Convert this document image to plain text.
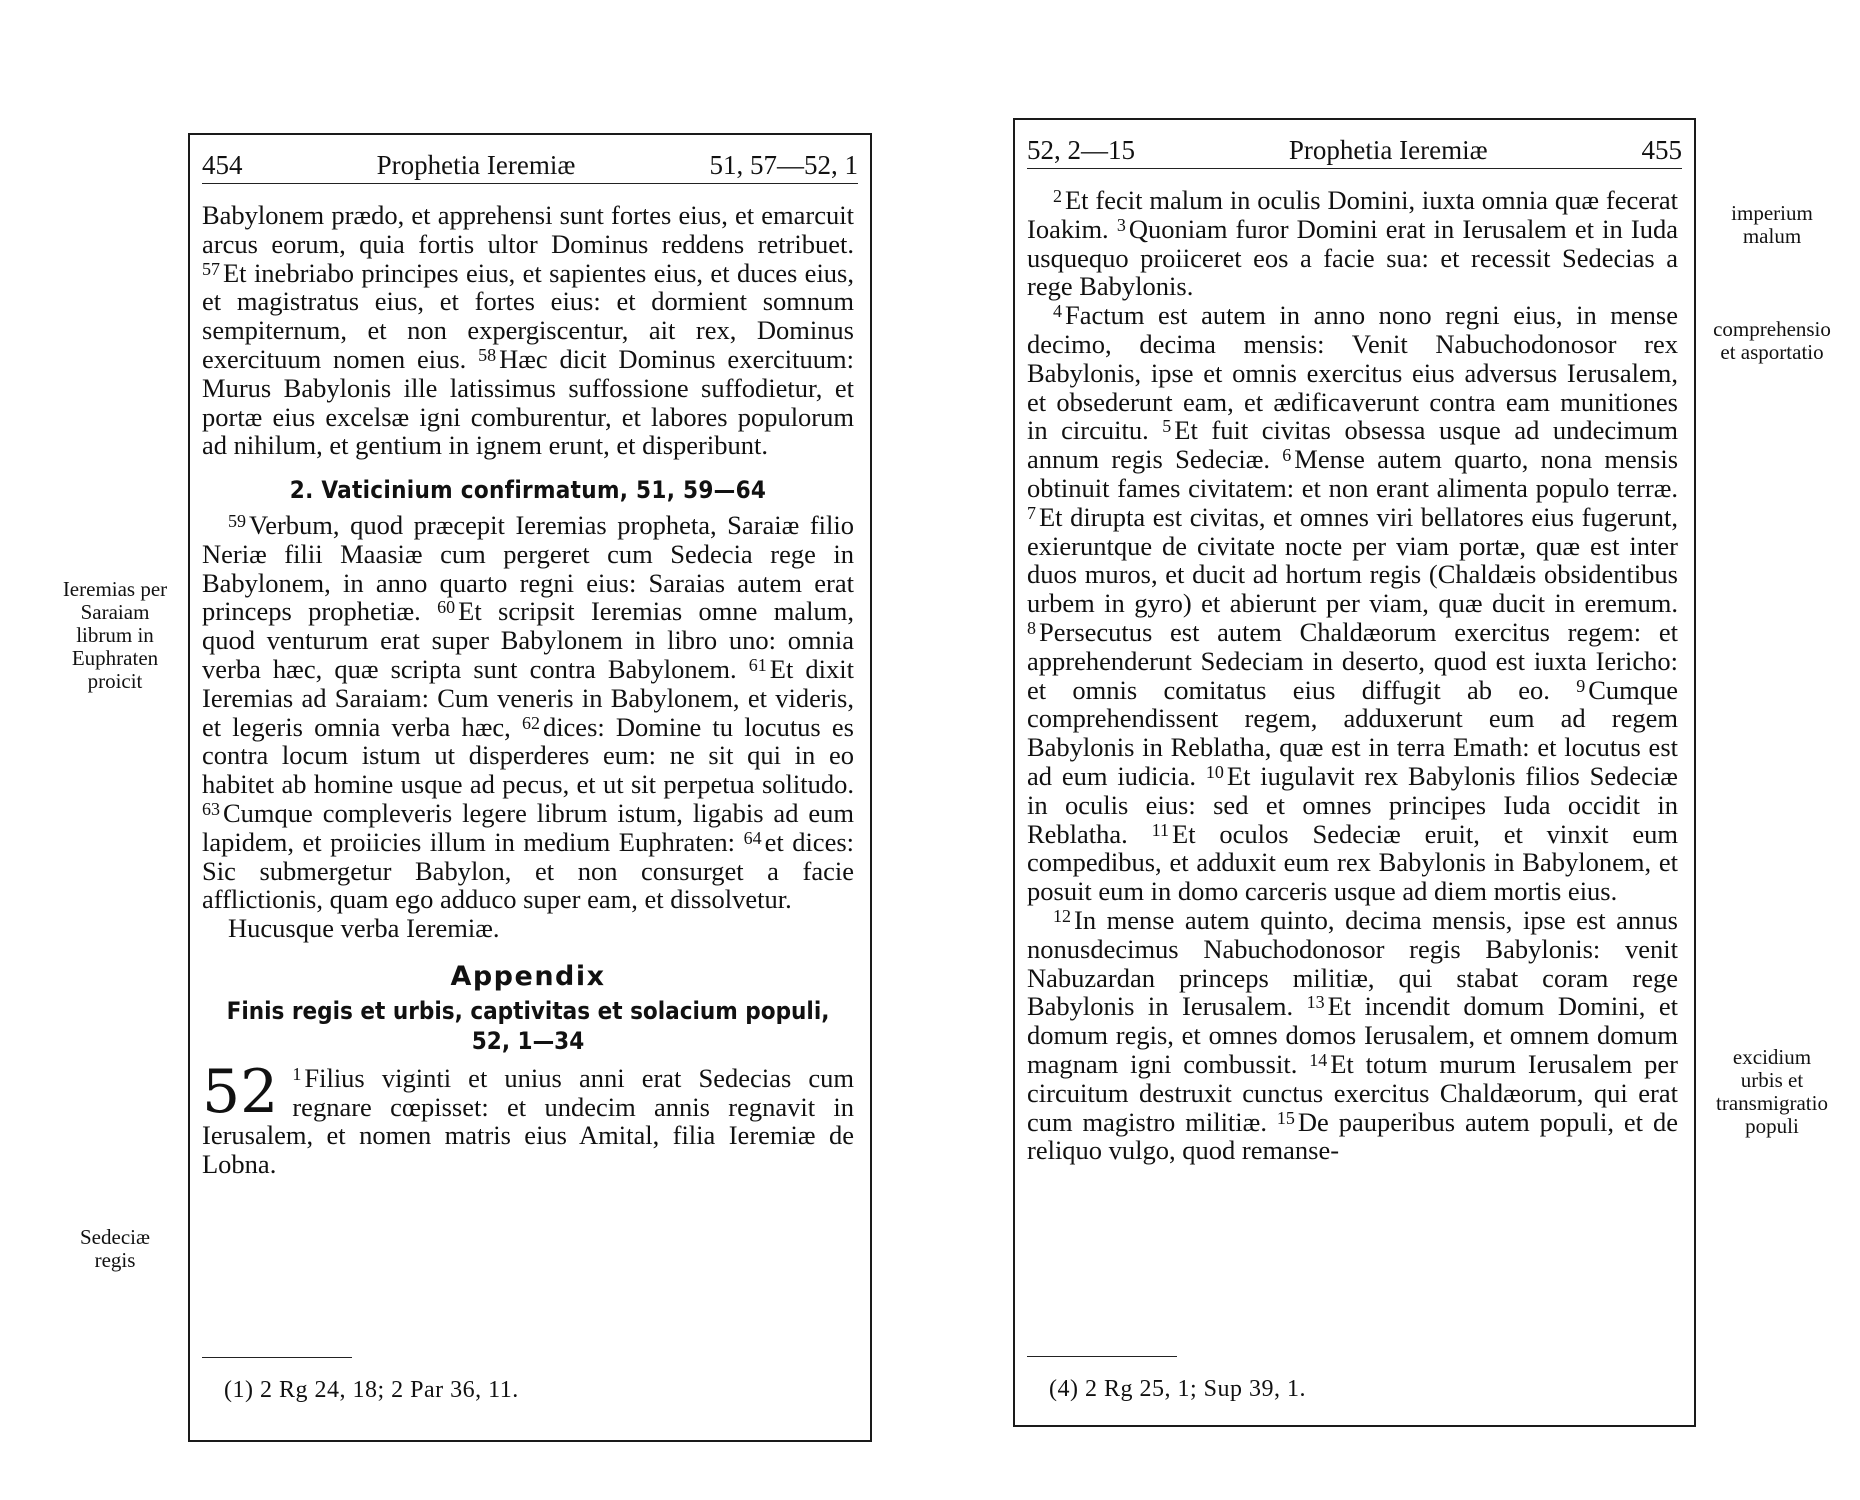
Ieremias per Saraiam librum in Euphraten proicit
Sedeciæ regis
454	Prophetia Ieremiæ	51, 57—52, 1

Babylonem prædo, et apprehensi sunt fortes eius, et emarcuit arcus eorum, quia fortis ultor Dominus reddens retribuet. $^{57}$ Et inebriabo principes eius, et sapientes eius, et duces eius, et magistratus eius, et fortes eius: et dormient somnum sempiternum, et non expergiscentur, ait rex, Dominus exercituum nomen eius. $^{58}$ Hæc dicit Dominus exercituum: Murus Babylonis ille latissimus suffossione suffodietur, et portæ eius excelsæ igni comburentur, et labores populorum ad nihilum, et gentium in ignem erunt, et disperibunt.

2. Vaticinium confirmatum, 51, 59—64

$^{59}$ Verbum, quod præcepit Ieremias propheta, Saraiæ filio Neriæ filii Maasiæ cum pergeret cum Sedecia rege in Babylonem, in anno quarto regni eius: Saraias autem erat princeps prophetiæ. $^{60}$ Et scripsit Ieremias omne malum, quod venturum erat super Babylonem in libro uno: omnia verba hæc, quæ scripta sunt contra Babylonem. $^{61}$ Et dixit Ieremias ad Saraiam: Cum veneris in Babylonem, et videris, et legeris omnia verba hæc, $^{62}$ dices: Domine tu locutus es contra locum istum ut disperderes eum: ne sit qui in eo habitet ab homine usque ad pecus, et ut sit perpetua solitudo. $^{63}$ Cumque compleveris legere librum istum, ligabis ad eum lapidem, et proiicies illum in medium Euphraten: $^{64}$ et dices: Sic submergetur Babylon, et non consurget a facie afflictionis, quam ego adduco super eam, et dissolvetur.

Hucusque verba Ieremiæ.

Appendix
Finis regis et urbis, captivitas et solacium populi,
52, 1—34

52 $^1$ Filius viginti et unius anni erat Sedecias cum regnare cœpisset: et undecim annis regnavit in Ierusalem, et nomen matris eius Amital, filia Ieremiæ de Lobna.

(1) 2 Rg 24, 18; 2 Par 36, 11.
52, 2—15	Prophetia Ieremiæ	455

$^2$ Et fecit malum in oculis Domini, iuxta omnia quæ fecerat Ioakim. $^3$ Quoniam furor Domini erat in Ierusalem et in Iuda usquequo proiiceret eos a facie sua: et recessit Sedecias a rege Babylonis.

$^4$ Factum est autem in anno nono regni eius, in mense decimo, decima mensis: Venit Nabuchodonosor rex Babylonis, ipse et omnis exercitus eius adversus Ierusalem, et obsederunt eam, et ædificaverunt contra eam munitiones in circuitu. $^5$ Et fuit civitas obsessa usque ad undecimum annum regis Sedeciæ. $^6$ Mense autem quarto, nona mensis obtinuit fames civitatem: et non erant alimenta populo terræ. $^7$ Et dirupta est civitas, et omnes viri bellatores eius fugerunt, exieruntque de civitate nocte per viam portæ, quæ est inter duos muros, et ducit ad hortum regis (Chaldæis obsidentibus urbem in gyro) et abierunt per viam, quæ ducit in eremum. $^8$ Persecutus est autem Chaldæorum exercitus regem: et apprehenderunt Sedeciam in deserto, quod est iuxta Iericho: et omnis comitatus eius diffugit ab eo. $^9$ Cumque comprehendissent regem, adduxerunt eum ad regem Babylonis in Reblatha, quæ est in terra Emath: et locutus est ad eum iudicia. $^{10}$ Et iugulavit rex Babylonis filios Sedeciæ in oculis eius: sed et omnes principes Iuda occidit in Reblatha. $^{11}$ Et oculos Sedeciæ eruit, et vinxit eum compedibus, et adduxit eum rex Babylonis in Babylonem, et posuit eum in domo carceris usque ad diem mortis eius.

$^{12}$ In mense autem quinto, decima mensis, ipse est annus nonusdecimus Nabuchodonosor regis Babylonis: venit Nabuzardan princeps militiæ, qui stabat coram rege Babylonis in Ierusalem. $^{13}$ Et incendit domum Domini, et domum regis, et omnes domos Ierusalem, et omnem domum magnam igni combussit. $^{14}$ Et totum murum Ierusalem per circuitum destruxit cunctus exercitus Chaldæorum, qui erat cum magistro militiæ. $^{15}$ De pauperibus autem populi, et de reliquo vulgo, quod remanse-

(4) 2 Rg 25, 1; Sup 39, 1.
imperium malum
comprehensio et asportatio
excidium urbis et transmigratio populi
